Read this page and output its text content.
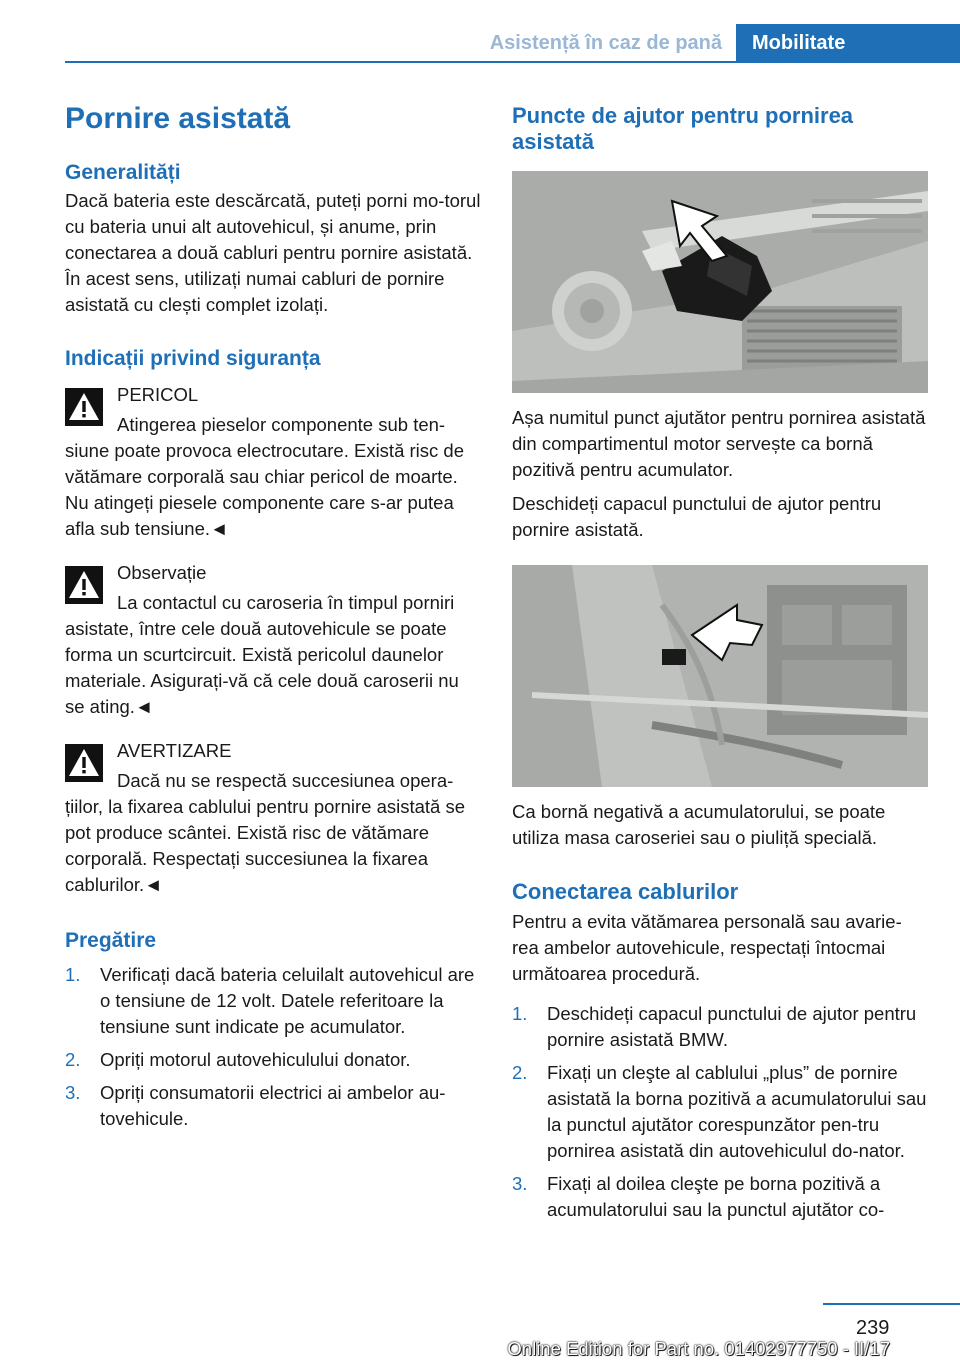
Asistență în caz de pană	Mobilitate
Pornire asistată
Generalități

Dacă bateria este descărcată, puteți porni mo-torul cu bateria unui alt autovehicul, și anume, prin conectarea a două cabluri pentru pornire asistată. În acest sens, utilizați numai cabluri de pornire asistată cu clești complet izolați.

Indicații privind siguranța

PERICOL

Atingerea pieselor componente sub ten-siune poate provoca electrocutare. Există risc de vătămare corporală sau chiar pericol de moarte. Nu atingeți piesele componente care s-ar putea afla sub tensiune.◄

Observație

La contactul cu caroseria în timpul porniri asistate, între cele două autovehicule se poate forma un scurtcircuit. Există pericolul daunelor materiale. Asigurați-vă că cele două caroserii nu se ating.◄

AVERTIZARE

Dacă nu se respectă succesiunea opera-țiilor, la fixarea cablului pentru pornire asistată se pot produce scântei. Există risc de vătămare corporală. Respectați succesiunea la fixarea cablurilor.◄

Pregătire
1. Verificați dacă bateria celuilalt autovehicul are o tensiune de 12 volt. Datele referitoare la tensiune sunt indicate pe acumulator.
2. Opriți motorul autovehiculului donator.
3. Opriți consumatorii electrici ai ambelor au-tovehicule.
Puncte de ajutor pentru pornirea asistată

Așa numitul punct ajutător pentru pornirea asistată din compartimentul motor servește ca bornă pozitivă pentru acumulator.

Deschideți capacul punctului de ajutor pentru pornire asistată.

Ca bornă negativă a acumulatorului, se poate utiliza masa caroseriei sau o piuliță specială.

Conectarea cablurilor

Pentru a evita vătămarea personală sau avarie-rea ambelor autovehicule, respectați întocmai următoarea procedură.

1. Deschideți capacul punctului de ajutor pentru pornire asistată BMW.
2. Fixați un cleşte al cablului „plus” de pornire asistată la borna pozitivă a acumulatorului sau la punctul ajutător corespunzător pen-tru pornirea asistată din autovehiculul do-nator.
3. Fixați al doilea cleşte pe borna pozitivă a acumulatorului sau la punctul ajutător co-
239
Online Edition for Part no. 01402977750 - II/17
